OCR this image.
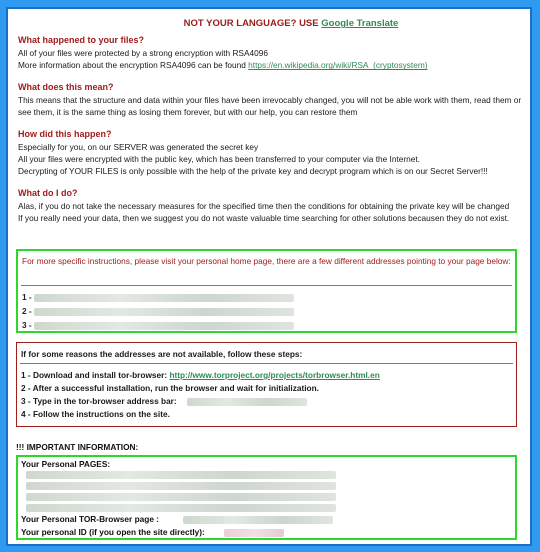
NOT YOUR LANGUAGE? USE Google Translate
What happened to your files?

All of your files were protected by a strong encryption with RSA4096

More information about the encryption RSA4096 can be found https://en.wikipedia.org/wiki/RSA_(cryptosystem)

What does this mean?

This means that the structure and data within your files have been irrevocably changed, you will not be able work with them, read them or see them, it is the same thing as losing them forever, but with our help, you can restore them

How did this happen?

Especially for you, on our SERVER was generated the secret key

All your files were encrypted with the public key, which has been transferred to your computer via the Internet.

Decrypting of YOUR FILES is only possible with the help of the private key and decrypt program which is on our Secret Server!!!

What do I do?

Alas, if you do not take the necessary measures for the specified time then the conditions for obtaining the private key will be changed

If you really need your data, then we suggest you do not waste valuable time searching for other solutions becausen they do not exist.

For more specific instructions, please visit your personal home page, there are a few different addresses pointing to your page below:
1 -
2 -
3 -
If for some reasons the addresses are not available, follow these steps:
1 - Download and install tor-browser: http://www.torproject.org/projects/torbrowser.html.en
2 - After a successful installation, run the browser and wait for initialization.
3 - Type in the tor-browser address bar:
4 - Follow the instructions on the site.
!!! IMPORTANT INFORMATION:
Your Personal PAGES:
Your Personal TOR-Browser page :
Your personal ID (if you open the site directly):
